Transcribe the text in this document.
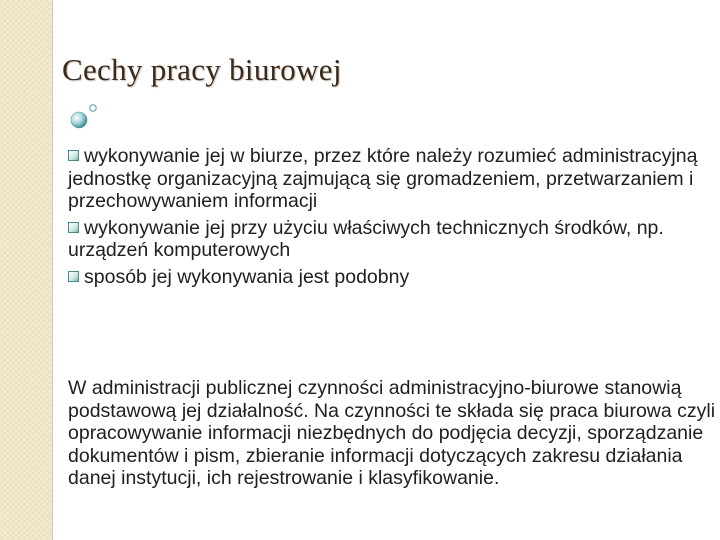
Cechy pracy biurowej
wykonywanie jej w biurze, przez które należy rozumieć administracyjną jednostkę organizacyjną zajmującą się gromadzeniem, przetwarzaniem i przechowywaniem informacji
wykonywanie jej przy użyciu właściwych technicznych środków, np. urządzeń komputerowych
sposób jej wykonywania jest podobny

W administracji publicznej czynności administracyjno-biurowe stanowią podstawową jej działalność. Na czynności te składa się praca biurowa czyli opracowywanie informacji niezbędnych do podjęcia decyzji, sporządzanie dokumentów i pism, zbieranie informacji dotyczących zakresu działania danej instytucji, ich rejestrowanie i klasyfikowanie.
